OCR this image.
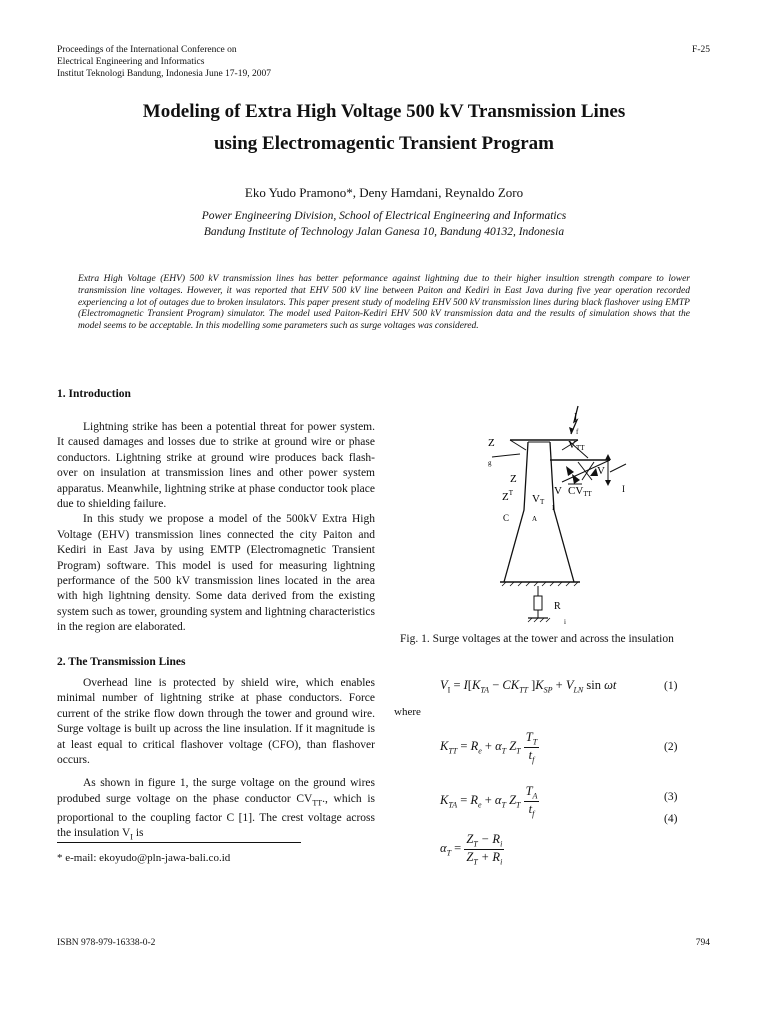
Proceedings of the International Conference on
Electrical Engineering and Informatics
Institut Teknologi Bandung, Indonesia June 17-19, 2007
F-25
Modeling of Extra High Voltage 500 kV Transmission Lines
using Electromagentic Transient Program
Eko Yudo Pramono*, Deny Hamdani, Reynaldo Zoro
Power Engineering Division, School of Electrical Engineering and Informatics
Bandung Institute of Technology Jalan Ganesa 10, Bandung 40132, Indonesia
Extra High Voltage (EHV) 500 kV transmission lines has better peformance against lightning due to their higher insultion strength compare to lower transmission line voltages. However, it was reported that EHV 500 kV line between Paiton and Kediri in East Java during five year operation recorded experiencing a lot of outages due to broken insulators. This paper present study of modeling EHV 500 kV transmission lines during black flashover using EMTP (Electromagnetic Transient Program) simulator. The model used Paiton-Kediri EHV 500 kV transmission data and the results of simulation shows that the model seems to be acceptable. In this modelling some parameters such as surge voltages was considered.
1. Introduction

Lightning strike has been a potential threat for power system. It caused damages and losses due to strike at ground wire or phase conductors. Lightning strike at ground wire produces back flash-over on insulation at transmission lines and other power system apparatus. Meanwhile, lightning strike at phase conductor took place due to shielding failure.

In this study we propose a model of the 500kV Extra High Voltage (EHV) transmission lines connected the city Paiton and Kediri in East Java by using EMTP (Electromagnetic Transient Program) software. This model is used for measuring lightning performance of the 500 kV transmission lines located in the area with high lightning density. Some data derived from the existing system such as tower, grounding system and lightning characteristics in the region are elaborated.

2. The Transmission Lines

Overhead line is protected by shield wire, which enables minimal number of lightning strike at phase conductors. Force current of the strike flow down through the tower and ground wire. Surge voltage is built up across the line insulation. If it magnitude is at least equal to critical flashover voltage (CFO), than flashover occurs.

As shown in figure 1, the surge voltage on the ground wires produbed surge voltage on the phase conductor $CV_{TT}$., which is proportional to the coupling factor C [1]. The crest voltage across the insulation $V_I$ is

* e-mail: ekoyudo@pln-jawa-bali.co.id
I
f
Z
g
VTT
V
CVTT	I
Z
$Z^T$	V
I
VT
C	A
R
i
Fig. 1. Surge voltages at the tower and across the insulation
$V_I = I[K_{TA} - CK_{TT}$ ]$K_{SP} + V_{LN}$ sin ωt	(1)
where
$K_{TT} = R_e + \alpha_T$ $Z_T \frac{T_T}{t_f}$	(2)
$K_{TA} = R_e + \alpha_T$ $Z_T \frac{T_A}{t_f}$	(3)
$\alpha_T = \frac{Z_T - R_i}{Z_T + R_i}$
(4)
ISBN 978-979-16338-0-2	794
